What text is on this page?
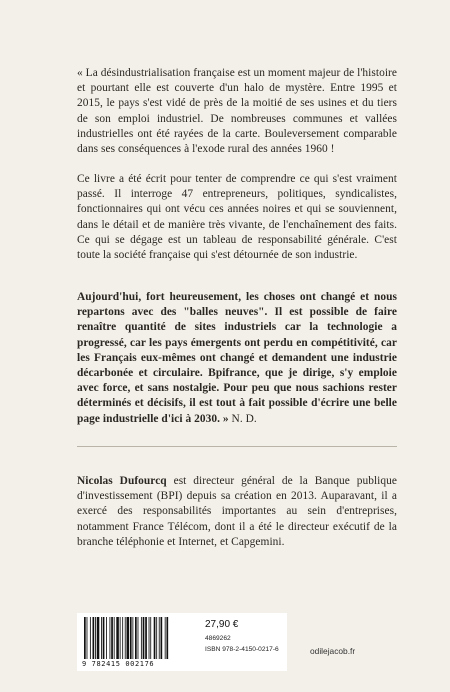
« La désindustrialisation française est un moment majeur de l'histoire et pourtant elle est couverte d'un halo de mystère. Entre 1995 et 2015, le pays s'est vidé de près de la moitié de ses usines et du tiers de son emploi industriel. De nombreuses communes et vallées industrielles ont été rayées de la carte. Bouleversement comparable dans ses conséquences à l'exode rural des années 1960 !
Ce livre a été écrit pour tenter de comprendre ce qui s'est vraiment passé. Il interroge 47 entrepreneurs, politiques, syndicalistes, fonctionnaires qui ont vécu ces années noires et qui se souviennent, dans le détail et de manière très vivante, de l'enchaînement des faits. Ce qui se dégage est un tableau de responsabilité générale. C'est toute la société française qui s'est détournée de son industrie.
Aujourd'hui, fort heureusement, les choses ont changé et nous repartons avec des "balles neuves". Il est possible de faire renaître quantité de sites industriels car la technologie a progressé, car les pays émergents ont perdu en compétitivité, car les Français eux-mêmes ont changé et demandent une industrie décarbonée et circulaire. Bpifrance, que je dirige, s'y emploie avec force, et sans nostalgie. Pour peu que nous sachions rester déterminés et décisifs, il est tout à fait possible d'écrire une belle page industrielle d'ici à 2030. » N. D.
Nicolas Dufourcq est directeur général de la Banque publique d'investissement (BPI) depuis sa création en 2013. Auparavant, il a exercé des responsabilités importantes au sein d'entreprises, notamment France Télécom, dont il a été le directeur exécutif de la branche téléphonie et Internet, et Capgemini.
9 782415 002176
27,90 €
4869262
ISBN 978-2-4150-0217-6	odilejacob.fr
